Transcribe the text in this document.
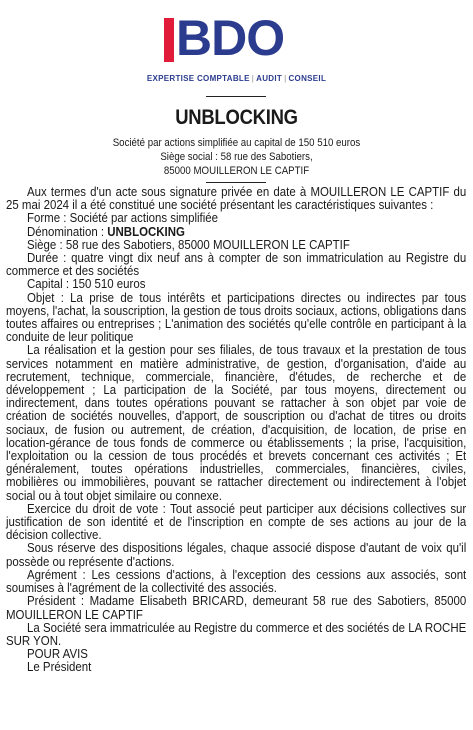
BDO
EXPERTISE COMPTABLE | AUDIT | CONSEIL
UNBLOCKING
Société par actions simplifiée au capital de 150 510 euros
Siège social : 58 rue des Sabotiers,
85000 MOUILLERON LE CAPTIF

Aux termes d'un acte sous signature privée en date à MOUILLERON LE CAPTIF du 25 mai 2024 il a été constitué une société présentant les caractéristiques suivantes :

Forme : Société par actions simplifiée

Dénomination : UNBLOCKING

Siège : 58 rue des Sabotiers, 85000 MOUILLERON LE CAPTIF

Durée : quatre vingt dix neuf ans à compter de son immatriculation au Registre du commerce et des sociétés

Capital : 150 510 euros

Objet : La prise de tous intérêts et participations directes ou indirectes par tous moyens, l'achat, la souscription, la gestion de tous droits sociaux, actions, obligations dans toutes affaires ou entreprises ; L'animation des sociétés qu'elle contrôle en participant à la conduite de leur politique

La réalisation et la gestion pour ses filiales, de tous travaux et la prestation de tous services notamment en matière administrative, de gestion, d'organisation, d'aide au recrutement, technique, commerciale, financière, d'études, de recherche et de développement ; La participation de la Société, par tous moyens, directement ou indirectement, dans toutes opérations pouvant se rattacher à son objet par voie de création de sociétés nouvelles, d'apport, de souscription ou d'achat de titres ou droits sociaux, de fusion ou autrement, de création, d'acquisition, de location, de prise en location-gérance de tous fonds de commerce ou établissements ; la prise, l'acquisition, l'exploitation ou la cession de tous procédés et brevets concernant ces activités ; Et généralement, toutes opérations industrielles, commerciales, financières, civiles, mobilières ou immobilières, pouvant se rattacher directement ou indirectement à l'objet social ou à tout objet similaire ou connexe.

Exercice du droit de vote : Tout associé peut participer aux décisions collectives sur justification de son identité et de l'inscription en compte de ses actions au jour de la décision collective.

Sous réserve des dispositions légales, chaque associé dispose d'autant de voix qu'il possède ou représente d'actions.

Agrément : Les cessions d'actions, à l'exception des cessions aux associés, sont soumises à l'agrément de la collectivité des associés.

Président : Madame Elisabeth BRICARD, demeurant 58 rue des Sabotiers, 85000 MOUILLERON LE CAPTIF

La Société sera immatriculée au Registre du commerce et des sociétés de LA ROCHE SUR YON.

POUR AVIS

Le Président
